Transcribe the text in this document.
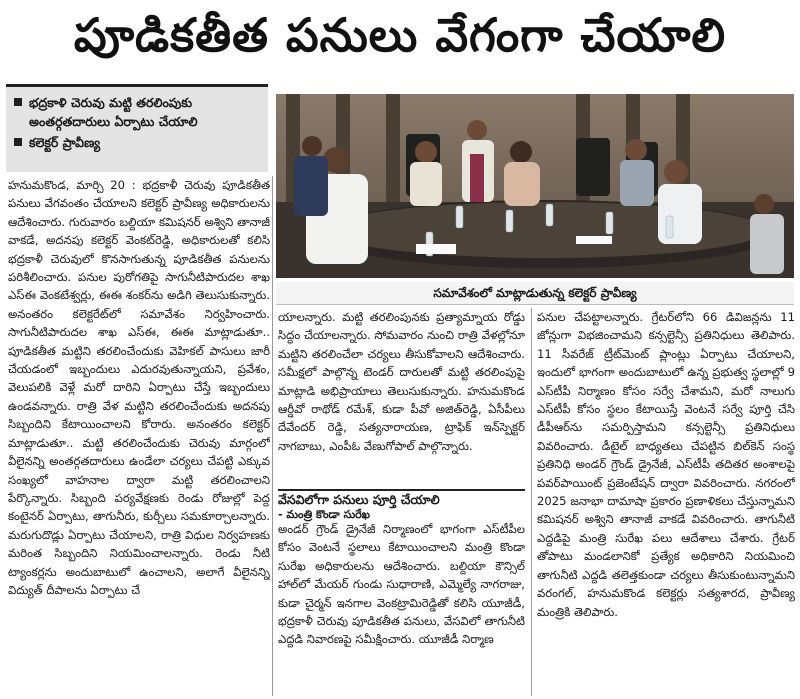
పూడికతీత పనులు వేగంగా చేయాలి
భద్రకాళి చెరువు మట్టి తరలింపుకు అంతర్గతదారులు ఏర్పాటు చేయాలి
కలెక్టర్ ప్రావీణ్య
సమావేశంలో మాట్లాడుతున్న కలెక్టర్ ప్రావీణ్య

హనుమకొండ, మార్చి 20 : భద్రకాళీ చెరువు పూడికతీత పనులు వేగవంతం చేయాలని కలెక్టర్ ప్రావీణ్య అధికారులను ఆదేశించారు. గురువారం బల్దియా కమిషనర్ అశ్విని తానాజీ వాకడే, అదనపు కలెక్టర్ వెంకట్‌రెడ్డి, అధికారులతో కలిసి భద్రకాళీ చెరువులో కొనసాగుతున్న పూడికతీత పనులను పరిశీలించారు. పనుల పురోగతిపై సాగునీటిపారుదల శాఖ ఎస్‌ఈ వెంకటేశ్వర్లు, ఈఈ శంకర్‌ను అడిగి తెలుసుకున్నారు. అనంతరం కలెక్టరేట్‌లో సమావేశం నిర్వహించారు. సాగునీటిపారుదల శాఖ ఎస్‌ఈ, ఈఈ మాట్లాడుతూ.. పూడికతీత మట్టిని తరలించేందుకు వెహికల్ పాసులు జారీ చేయడంలో ఇబ్బందులు ఎదురవుతున్నాయని, ప్రవేశం, వెలుపలికి వెళ్లే మరో దారిని ఏర్పాటు చేస్తే ఇబ్బందులు ఉండవన్నారు. రాత్రి వేళ మట్టిని తరలించేందుకు అదనపు సిబ్బందిని కేటాయించాలని కోరారు. అనంతరం కలెక్టర్ మాట్లాడుతూ.. మట్టి తరలించేందుకు చెరువు మార్గంలో వీలైనన్ని అంతర్గతదారులు ఉండేలా చర్యలు చేపట్టి ఎక్కువ సంఖ్యలో వాహనాల ద్వారా మట్టి తరలించాలని పేర్కొన్నారు. సిబ్బంది పర్యవేక్షణకు రెండు రోజుల్లో పెద్ద కంటైనర్ ఏర్పాటు, తాగునీరు, కుర్చీలు సమకూర్చాలన్నారు. మరుగుదొడ్లు ఏర్పాటు చేయాలని, రాత్రి విధుల నిర్వహణకు మరింత సిబ్బందిని నియమించాలన్నారు. రెండు నీటి ట్యాంకర్లను అందుబాటులో ఉంచాలని, అలాగే వీలైనన్ని విద్యుత్ దీపాలను ఏర్పాటు చే

యాలన్నారు. మట్టి తరలింపునకు ప్రత్యామ్నాయ రోడ్డు సిద్ధం చేయాలన్నారు. సోమవారం నుంచి రాత్రి వేళల్లోనూ మట్టిని తరలించేలా చర్యలు తీసుకోవాలని ఆదేశించారు. సమీక్షలో పాల్గొన్న టెండర్ దారులతో మట్టి తరలింపుపై మాట్లాడి అభిప్రాయాలు తెలుసుకున్నారు. హనుమకొండ ఆర్డీవో రాథోడ్ రమేశ్, కుడా పీవో అజిత్‌రెడ్డి, ఏసీపీలు దేవేందర్ రెడ్డి, సత్యనారాయణ, ట్రాఫిక్ ఇన్‌స్పెక్టర్ నాగబాబు, ఎంపీఓ వేణుగోపాల్ పాల్గొన్నారు.

వేసవిలోగా పనులు పూర్తి చేయాలి
- మంత్రి కొండా సురేఖ

అండర్ గ్రౌండ్ డ్రైనేజీ నిర్మాణంలో భాగంగా ఎస్‌టీపీల కోసం వెంటనే స్థలాలు కేటాయించాలని మంత్రి కొండా సురేఖ అధికారులను ఆదేశించారు. బల్దియా కౌన్సిల్ హాల్‌లో మేయర్ గుండు సుధారాణి, ఎమ్మెల్యే నాగరాజు, కుడా చైర్మన్ ఇనగాల వెంకట్రామిరెడ్డితో కలిసి యూజీడీ, భద్రకాళీ చెరువు పూడికతీత పనులు, వేసవిలో తాగునీటి ఎద్దడి నివారణపై సమీక్షించారు. యూజీడీ నిర్మాణ

పనుల చేపట్టాలన్నారు. గ్రేటర్‌లోని 66 డివిజన్లను 11 జోన్లుగా విభజించామని కన్సల్టెన్సీ ప్రతినిధులు తెలిపారు. 11 సీవరేజ్ ట్రీట్‌మెంట్ ప్లాంట్లు ఏర్పాటు చేయాలని, ఇందులో భాగంగా అందుబాటులో ఉన్న ప్రభుత్వ స్థలాల్లో 9 ఎస్‌టీపీ నిర్మాణం కోసం సర్వే చేశామని, మరో నాలుగు ఎస్‌టీపీ కోసం స్థలం కేటాయిస్తే వెంటనే సర్వే పూర్తి చేసి డీపీఆర్‌ను సమర్పిస్తామని కన్సల్టెన్సీ ప్రతినిధులు వివరించారు. డీటైల్ బాధ్యతలు చేపట్టిన బిల్‌కెన్ సంస్థ ప్రతినిధి అండర్ గ్రౌండ్ డ్రైనేజీ, ఎస్‌టీపీ తదితర అంశాలపై పవర్‌పాయింట్ ప్రజెంటేషన్ ద్వారా వివరించారు. నగరంలో 2025 జనాభా దామాషా ప్రకారం ప్రణాళికలు చేస్తున్నామని కమిషనర్ అశ్విని తానాజీ వాకడే వివరించారు. తాగునీటి ఎద్దడిపై మంత్రి సురేఖ పలు ఆదేశాలు చేశారు. గ్రేటర్ తోపాటు మండలానికో ప్రత్యేక అధికారిని నియమించి తాగునీటి ఎద్దడి తలెత్తకుండా చర్యలు తీసుకుంటున్నామని వరంగల్, హనుమకొండ కలెక్టర్లు సత్యశారద, ప్రావీణ్య మంత్రికి తెలిపారు.
